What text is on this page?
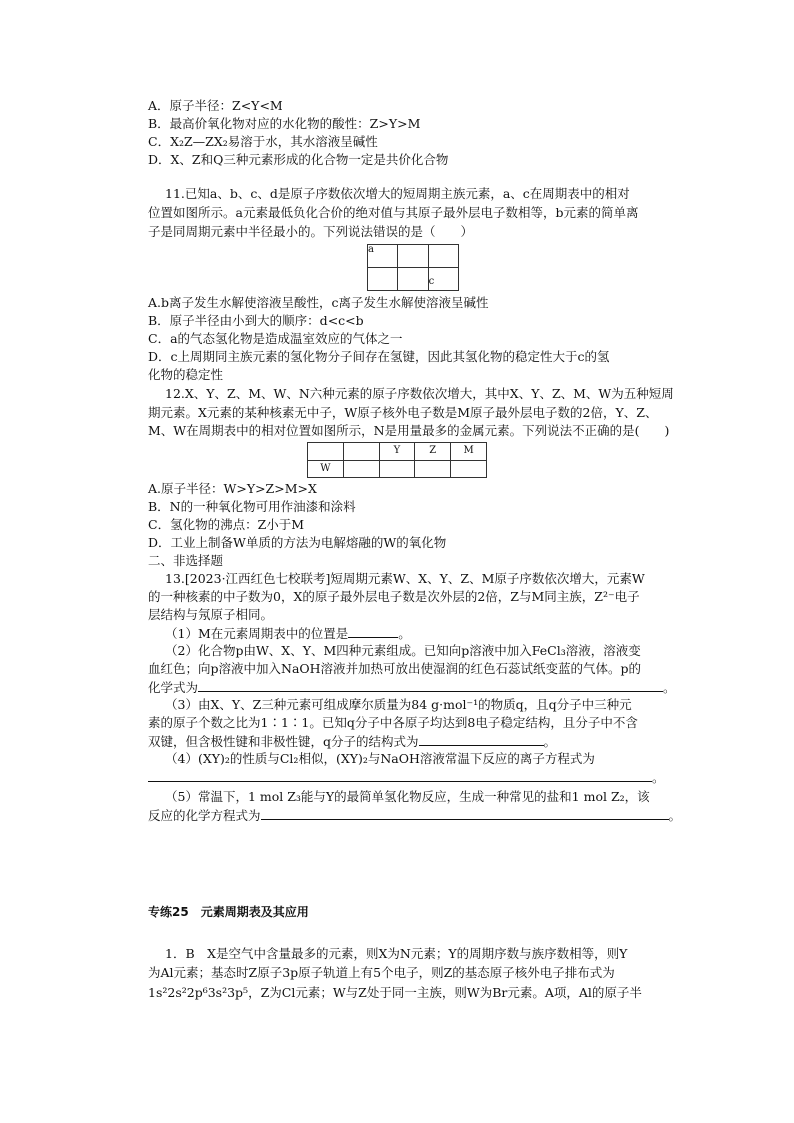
A．原子半径：Z<Y<M
B．最高价氧化物对应的水化物的酸性：Z>Y>M
C．X₂Z—ZX₂易溶于水，其水溶液呈碱性
D．X、Z和Q三种元素形成的化合物一定是共价化合物
11.已知a、b、c、d是原子序数依次增大的短周期主族元素，a、c在周期表中的相对
位置如图所示。a元素最低负化合价的绝对值与其原子最外层电子数相等，b元素的简单离
子是同周期元素中半径最小的。下列说法错误的是（　　）
a		
		c
A.b离子发生水解使溶液呈酸性，c离子发生水解使溶液呈碱性
B．原子半径由小到大的顺序：d<c<b
C．a的气态氢化物是造成温室效应的气体之一
D．c上周期同主族元素的氢化物分子间存在氢键，因此其氢化物的稳定性大于c的氢
化物的稳定性
12.X、Y、Z、M、W、N六种元素的原子序数依次增大，其中X、Y、Z、M、W为五种短周
期元素。X元素的某种核素无中子，W原子核外电子数是M原子最外层电子数的2倍，Y、Z、
M、W在周期表中的相对位置如图所示，N是用量最多的金属元素。下列说法不正确的是(　　)
		Y	Z	M
W				
A.原子半径：W>Y>Z>M>X
B．N的一种氧化物可用作油漆和涂料
C．氢化物的沸点：Z小于M
D．工业上制备W单质的方法为电解熔融的W的氧化物
二、非选择题
13.[2023·江西红色七校联考]短周期元素W、X、Y、Z、M原子序数依次增大，元素W
的一种核素的中子数为0，X的原子最外层电子数是次外层的2倍，Z与M同主族，Z²⁻电子
层结构与氖原子相同。
（1）M在元素周期表中的位置是	。
（2）化合物p由W、X、Y、M四种元素组成。已知向p溶液中加入FeCl₃溶液，溶液变
血红色；向p溶液中加入NaOH溶液并加热可放出使湿润的红色石蕊试纸变蓝的气体。p的
化学式为	。
（3）由X、Y、Z三种元素可组成摩尔质量为84 g·mol⁻¹的物质q，且q分子中三种元
素的原子个数之比为1∶1∶1。已知q分子中各原子均达到8电子稳定结构，且分子中不含
双键，但含极性键和非极性键，q分子的结构式为	。
（4）(XY)₂的性质与Cl₂相似，(XY)₂与NaOH溶液常温下反应的离子方程式为
。
（5）常温下，1 mol Z₃能与Y的最简单氢化物反应，生成一种常见的盐和1 mol Z₂，该
反应的化学方程式为	。
专练25　元素周期表及其应用
1．B　X是空气中含量最多的元素，则X为N元素；Y的周期序数与族序数相等，则Y
为Al元素；基态时Z原子3p原子轨道上有5个电子，则Z的基态原子核外电子排布式为
1s²2s²2p⁶3s²3p⁵，Z为Cl元素；W与Z处于同一主族，则W为Br元素。A项，Al的原子半
